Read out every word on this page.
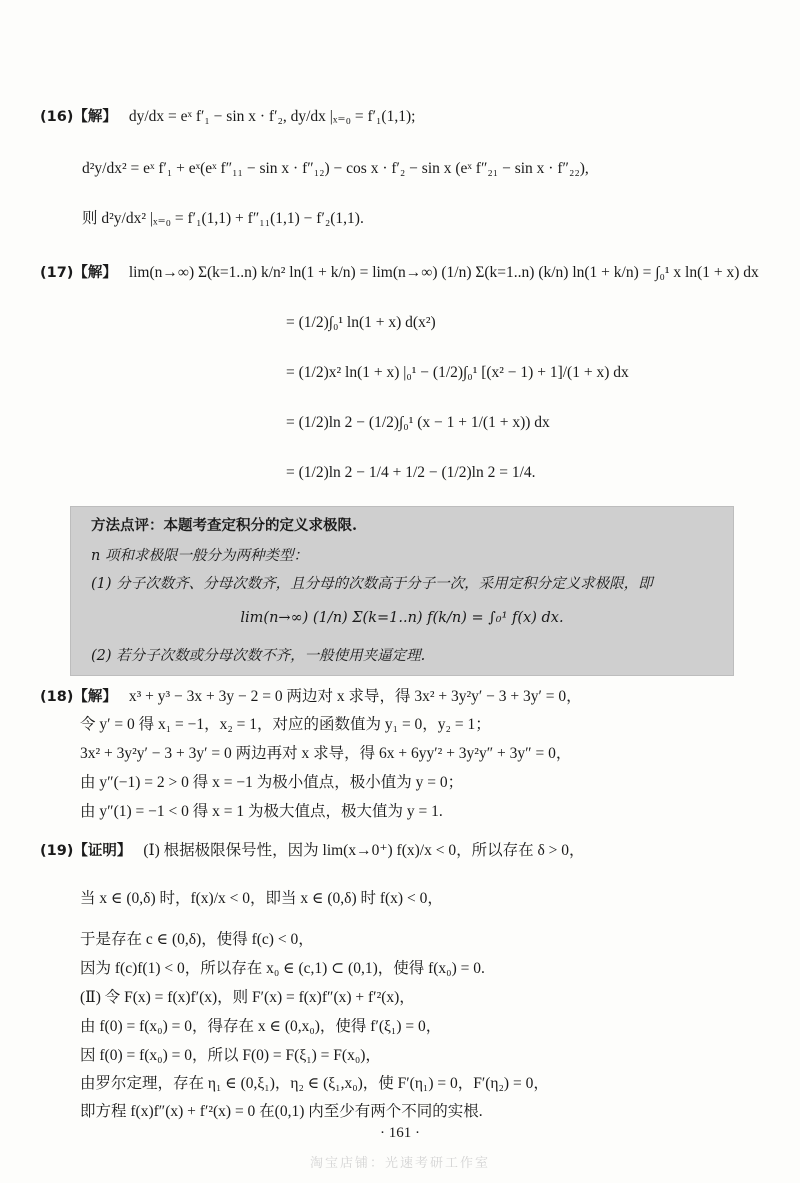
(16)【解】 dy/dx = eˣ f′₁ − sin x · f′₂, dy/dx |ₓ₌₀ = f′₁(1,1);
d²y/dx² = eˣ f′₁ + eˣ(eˣ f″₁₁ − sin x · f″₁₂) − cos x · f′₂ − sin x (eˣ f″₂₁ − sin x · f″₂₂),
则 d²y/dx² |ₓ₌₀ = f′₁(1,1) + f″₁₁(1,1) − f′₂(1,1).
(17)【解】 lim(n→∞) Σ(k=1..n) k/n² ln(1 + k/n) = lim(n→∞) (1/n) Σ(k=1..n) (k/n) ln(1 + k/n) = ∫₀¹ x ln(1 + x) dx
= (1/2)∫₀¹ ln(1 + x) d(x²)
= (1/2)x² ln(1 + x) |₀¹ − (1/2)∫₀¹ [(x² − 1) + 1]/(1 + x) dx
= (1/2)ln 2 − (1/2)∫₀¹ (x − 1 + 1/(1 + x)) dx
= (1/2)ln 2 − 1/4 + 1/2 − (1/2)ln 2 = 1/4.
方法点评：本题考查定积分的定义求极限.
n 项和求极限一般分为两种类型：
(1) 分子次数齐、分母次数齐，且分母的次数高于分子一次，采用定积分定义求极限，即
lim(n→∞) (1/n) Σ(k=1..n) f(k/n) = ∫₀¹ f(x) dx.
(2) 若分子次数或分母次数不齐，一般使用夹逼定理.
(18)【解】 x³ + y³ − 3x + 3y − 2 = 0 两边对 x 求导，得 3x² + 3y²y′ − 3 + 3y′ = 0，
令 y′ = 0 得 x₁ = −1，x₂ = 1，对应的函数值为 y₁ = 0，y₂ = 1；
3x² + 3y²y′ − 3 + 3y′ = 0 两边再对 x 求导，得 6x + 6yy′² + 3y²y″ + 3y″ = 0，
由 y″(−1) = 2 > 0 得 x = −1 为极小值点，极小值为 y = 0；
由 y″(1) = −1 < 0 得 x = 1 为极大值点，极大值为 y = 1.
(19)【证明】 (Ⅰ) 根据极限保号性，因为 lim(x→0⁺) f(x)/x < 0，所以存在 δ > 0，
当 x ∈ (0,δ) 时，f(x)/x < 0，即当 x ∈ (0,δ) 时 f(x) < 0，
于是存在 c ∈ (0,δ)，使得 f(c) < 0，
因为 f(c)f(1) < 0，所以存在 x₀ ∈ (c,1) ⊂ (0,1)，使得 f(x₀) = 0.
(Ⅱ) 令 F(x) = f(x)f′(x)，则 F′(x) = f(x)f″(x) + f′²(x)，
由 f(0) = f(x₀) = 0，得存在 x ∈ (0,x₀)，使得 f′(ξ₁) = 0，
因 f(0) = f(x₀) = 0，所以 F(0) = F(ξ₁) = F(x₀)，
由罗尔定理，存在 η₁ ∈ (0,ξ₁)，η₂ ∈ (ξ₁,x₀)，使 F′(η₁) = 0，F′(η₂) = 0，
即方程 f(x)f″(x) + f′²(x) = 0 在(0,1) 内至少有两个不同的实根.
· 161 ·
淘宝店铺：光速考研工作室
